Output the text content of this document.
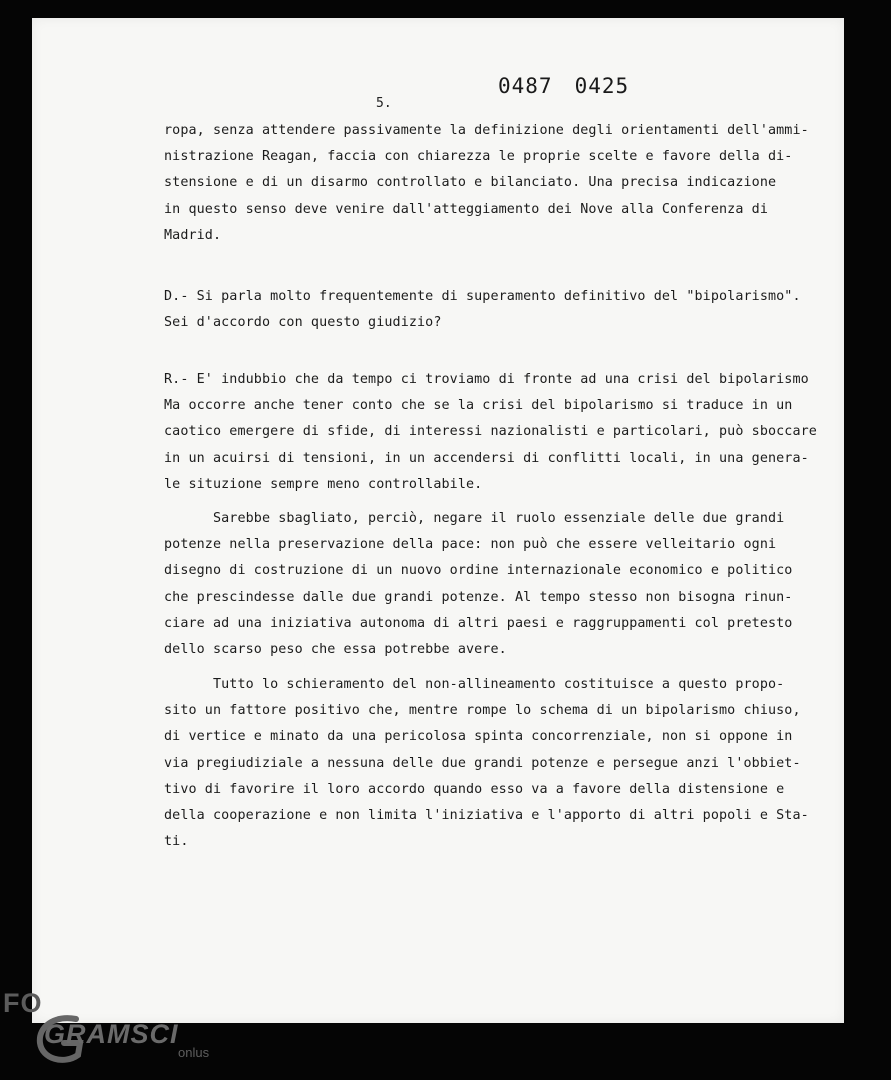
0487 0425
5.
ropa, senza attendere passivamente la definizione degli orientamenti dell'ammi-
nistrazione Reagan, faccia con chiarezza le proprie scelte e favore della
stensione e di un disarmo controllato e bilanciato. Una precisa indicazione
in questo senso deve venire dall'atteggiamento dei Nove alla Conferenza di
Madrid.
D.- Si parla molto frequentemente di superamento definitivo del "bipolarismo".
Sei d'accordo con questo giudizio?
R.- E' indubbio che da tempo ci troviamo di fronte ad una crisi del bipolarismo
Ma occorre anche tener conto che se la crisi del bipolarismo si traduce in
caotico emergere di sfide, di interessi nazionalisti e particolari, può
in un acuirsi di tensioni, in un accendersi di conflitti locali, in una
le situzione sempre meno controllabile.
Sarebbe sbagliato, perciò, negare il ruolo essenziale delle due grandi
potenze nella preservazione della pace: non può che essere velleitario ogni
disegno di costruzione di un nuovo ordine internazionale economico e politico
che prescindesse dalle due grandi potenze. Al tempo stesso non bisogna rinun-
ciare ad una iniziativa autonoma di altri paesi e raggruppamenti col pretesto
dello scarso peso che essa potrebbe avere.
Tutto lo schieramento del non-allineamento costituisce a questo propo-
sito un fattore positivo che, mentre rompe lo schema di un bipolarismo chiuso,
di vertice e minato da una pericolosa spinta concorrenziale, non si oppone
via pregiudiziale a nessuna delle due grandi potenze e persegue anzi l'obbiet-
tivo di favorire il loro accordo quando esso va a favore della distensione
della cooperazione e non limita l'iniziativa e l'apporto di altri popoli e
ti.
FO
GRAMSCI
onlus
